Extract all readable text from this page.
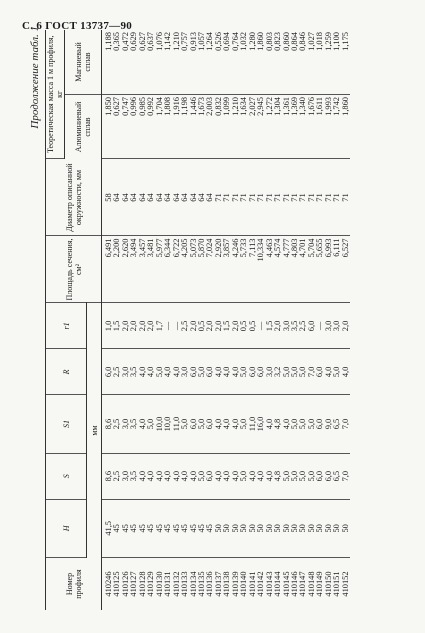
С. 6 ГОСТ 13737—90
Продолжение табл. 1
Номер профиля	H	S	S1	R	r1	Площадь сечения, см²	Диаметр описанной окружности, мм	Теоретическая масса 1 м профиля, кг	
								Алюминиевый сплав	Магниевый сплав
	мм								
410246	41,5	8,6	8,6	6,0	1,0	6,491	58	1,850	1,188
410125	45	2,5	2,5	2,5	1,5	2,200	64	0,627	0,365
410126	45	3,0	3,0	3,0	2,0	2,620	64	0,747	0,472
410127	45	3,5	3,5	3,5	2,0	3,494	64	0,996	0,629
410128	45	4,0	4,0	4,0	2,0	3,457	64	0,985	0,627
410129	45	4,0	5,0	4,0	2,0	3,481	64	0,992	0,637
410130	45	4,0	10,0	5,0	1,7	5,977	64	1,704	1,076
410131	45	4,0	10,0	4,0	—	6,344	64	1,808	1,142
410132	45	4,0	11,0	4,0	—	6,722	64	1,916	1,210
410133	45	4,0	5,0	3,0	2,5	4,205	64	1,198	0,757
410134	45	4,0	6,0	6,0	2,0	5,073	64	1,446	0,913
410135	45	5,0	5,0	5,0	0,5	5,870	64	1,673	1,057
410136	45	6,0	6,0	6,0	2,0	7,024	64	2,003	1,264
410137	50	4,0	4,0	4,0	2,0	2,920	71	0,832	0,526
410138	50	4,0	4,0	4,0	1,5	3,857	71	1,099	0,694
410139	50	4,0	4,0	4,0	2,0	4,246	71	1,210	0,764
410140	50	5,0	5,0	5,0	0,5	5,733	71	1,634	1,032
410141	50	4,0	11,0	6,0	0,5	7,113	71	2,027	1,280
410142	50	4,0	16,0	6,0	—	10,334	71	2,945	1,860
410143	50	4,0	4,0	3,0	1,5	4,463	71	1,272	0,803
410144	50	4,8	4,8	3,2	2,0	4,574	71	1,304	0,823
410145	50	5,0	4,0	5,0	3,0	4,777	71	1,361	0,860
410146	50	5,0	5,0	5,0	3,5	4,803	71	1,369	0,864
410147	50	5,0	5,0	5,0	2,5	4,701	71	1,340	0,846
410148	50	5,0	5,0	7,0	6,0	5,704	71	1,676	1,027
410149	50	6,0	6,0	6,0	—	5,655	71	1,611	1,018
410150	50	6,0	9,0	4,0	3,0	6,993	71	1,993	1,259
410151	50	6,5	6,5	5,0	3,0	6,111	71	1,742	1,100
410152	50	7,0	7,0	4,0	2,0	6,527	71	1,860	1,175
